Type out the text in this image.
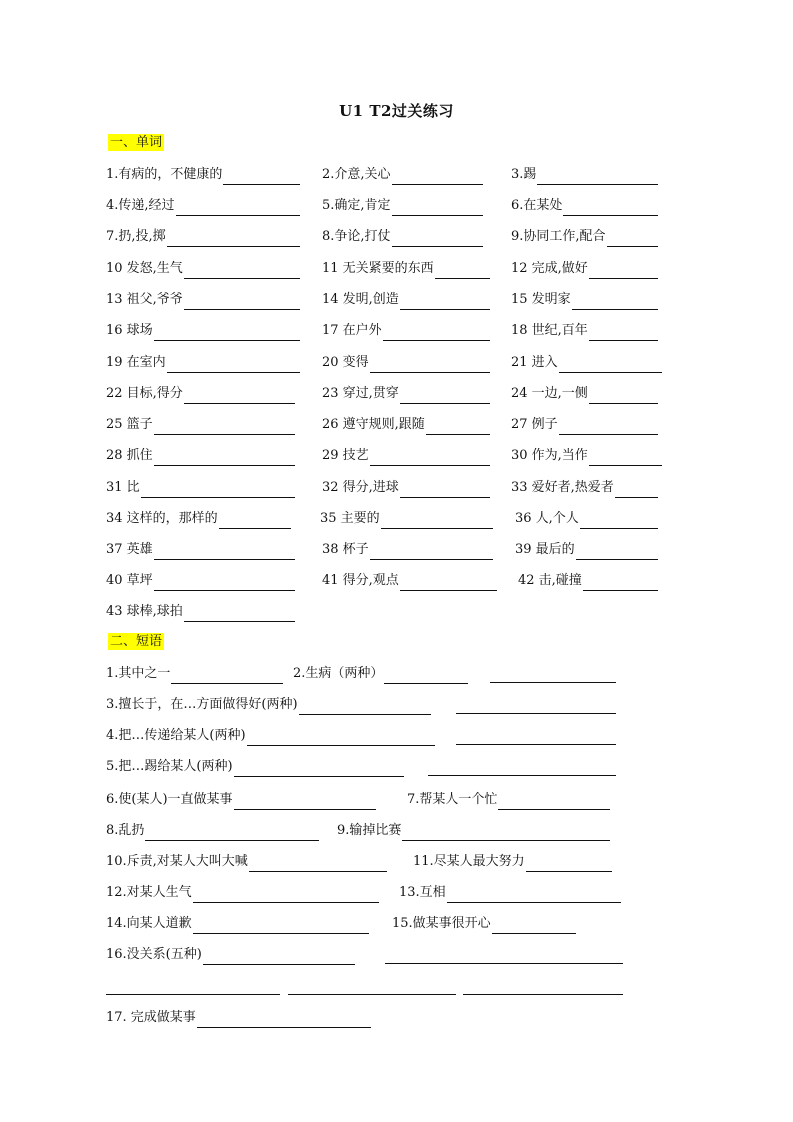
U1 T2过关练习
一、单词
1.有病的，不健康的	2.介意,关心	3.踢
4.传递,经过	5.确定,肯定	6.在某处
7.扔,投,掷	8.争论,打仗	9.协同工作,配合
10 发怒,生气	11 无关紧要的东西	12 完成,做好
13 祖父,爷爷	14 发明,创造	15 发明家
16 球场	17 在户外	18 世纪,百年
19 在室内	20 变得	21 进入
22 目标,得分	23 穿过,贯穿	24 一边,一侧
25 篮子	26 遵守规则,跟随	27 例子
28 抓住	29 技艺	30 作为,当作
31 比	32 得分,进球	33 爱好者,热爱者
34 这样的，那样的	35 主要的	36 人,个人
37 英雄	38 杯子	39 最后的
40 草坪	41 得分,观点	42 击,碰撞
43 球棒,球拍
二、短语
1.其中之一	2.生病（两种）
3.擅长于，在…方面做得好(两种)
4.把…传递给某人(两种)
5.把…踢给某人(两种)
6.使(某人)一直做某事	7.帮某人一个忙
8.乱扔	9.输掉比赛
10.斥责,对某人大叫大喊	11.尽某人最大努力
12.对某人生气	13.互相
14.向某人道歉	15.做某事很开心
16.没关系(五种)
17. 完成做某事
